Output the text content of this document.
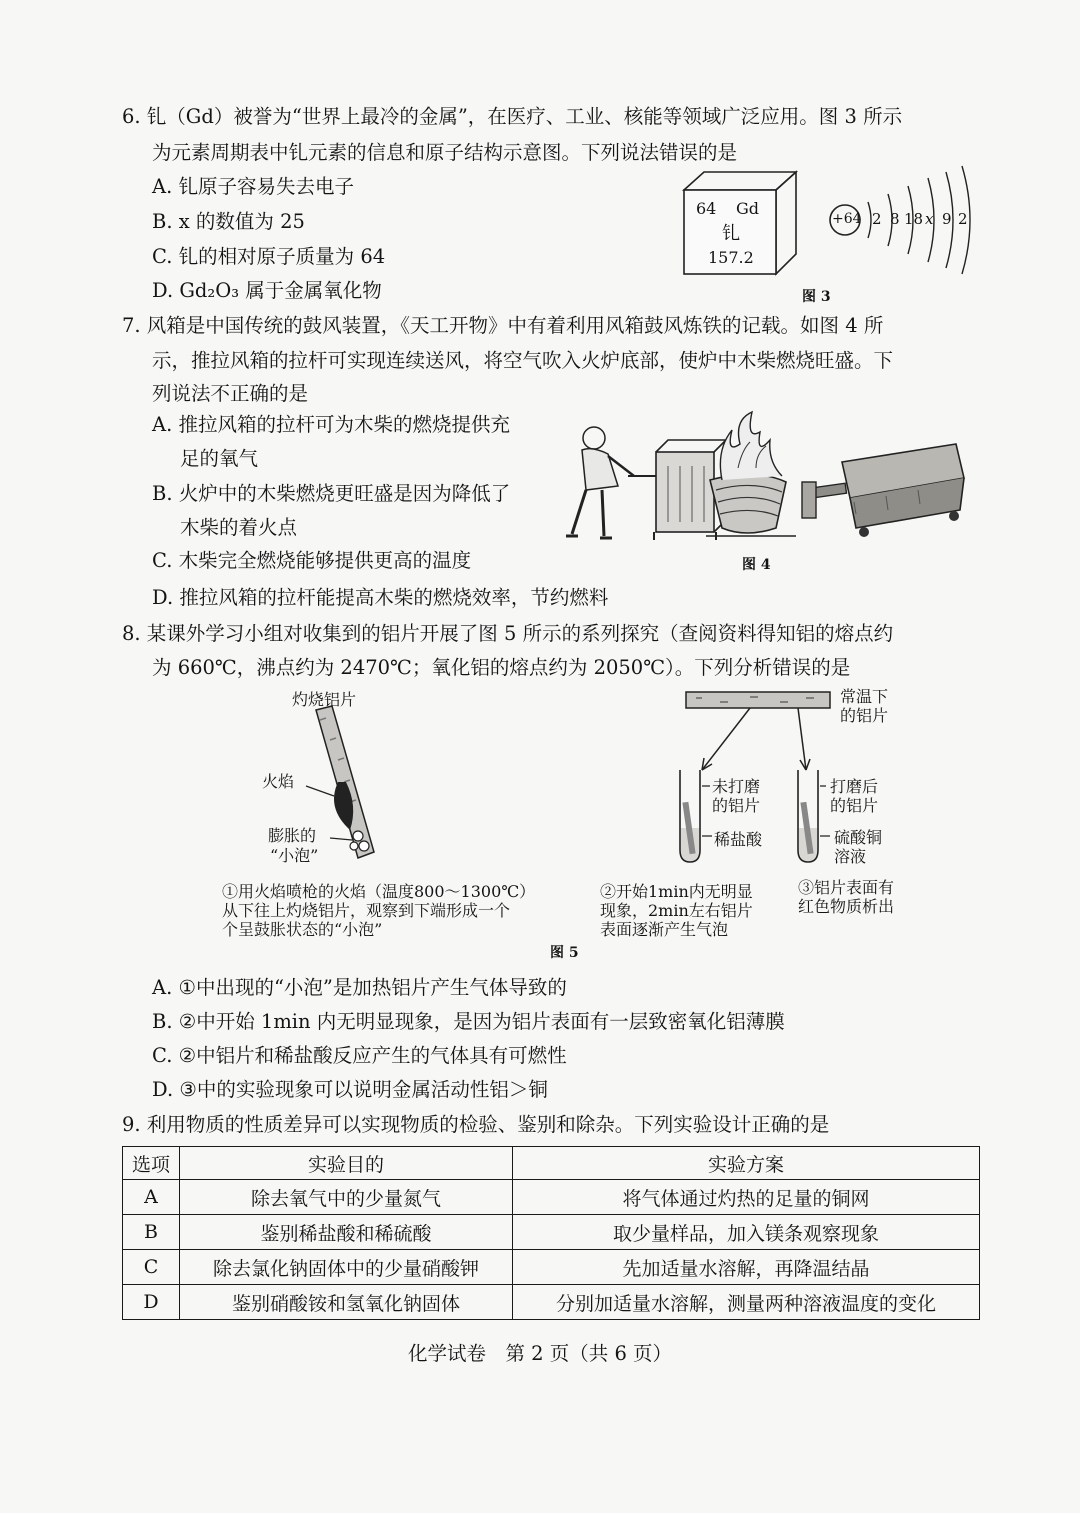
6. 钆（Gd）被誉为“世界上最冷的金属”，在医疗、工业、核能等领域广泛应用。图 3 所示
为元素周期表中钆元素的信息和原子结构示意图。下列说法错误的是
A. 钆原子容易失去电子
B. x 的数值为 25
C. 钆的相对原子质量为 64
D. Gd₂O₃ 属于金属氧化物
64 Gd
钆
157.2
+64 2 8 18 x 9 2
图 3
7. 风箱是中国传统的鼓风装置，《天工开物》中有着利用风箱鼓风炼铁的记载。如图 4 所
示，推拉风箱的拉杆可实现连续送风，将空气吹入火炉底部，使炉中木柴燃烧旺盛。下
列说法不正确的是
A. 推拉风箱的拉杆可为木柴的燃烧提供充
足的氧气
B. 火炉中的木柴燃烧更旺盛是因为降低了
木柴的着火点
C. 木柴完全燃烧能够提供更高的温度
D. 推拉风箱的拉杆能提高木柴的燃烧效率，节约燃料
图 4
8. 某课外学习小组对收集到的铝片开展了图 5 所示的系列探究（查阅资料得知铝的熔点约
为 660℃，沸点约为 2470℃；氧化铝的熔点约为 2050℃）。下列分析错误的是
灼烧铝片
火焰
膨胀的
“小泡”
常温下
的铝片
未打磨
的铝片
稀盐酸
打磨后
的铝片
硫酸铜
溶液
①用火焰喷枪的火焰（温度800～1300℃）
从下往上灼烧铝片，观察到下端形成一个
个呈鼓胀状态的“小泡”
②开始1min内无明显
现象，2min左右铝片
表面逐渐产生气泡
③铝片表面有
红色物质析出
图 5
A. ①中出现的“小泡”是加热铝片产生气体导致的
B. ②中开始 1min 内无明显现象，是因为铝片表面有一层致密氧化铝薄膜
C. ②中铝片和稀盐酸反应产生的气体具有可燃性
D. ③中的实验现象可以说明金属活动性铝＞铜
9. 利用物质的性质差异可以实现物质的检验、鉴别和除杂。下列实验设计正确的是
选项	实验目的	实验方案
A	除去氧气中的少量氮气	将气体通过灼热的足量的铜网
B	鉴别稀盐酸和稀硫酸	取少量样品，加入镁条观察现象
C	除去氯化钠固体中的少量硝酸钾	先加适量水溶解，再降温结晶
D	鉴别硝酸铵和氢氧化钠固体	分别加适量水溶解，测量两种溶液温度的变化
化学试卷　第 2 页（共 6 页）
